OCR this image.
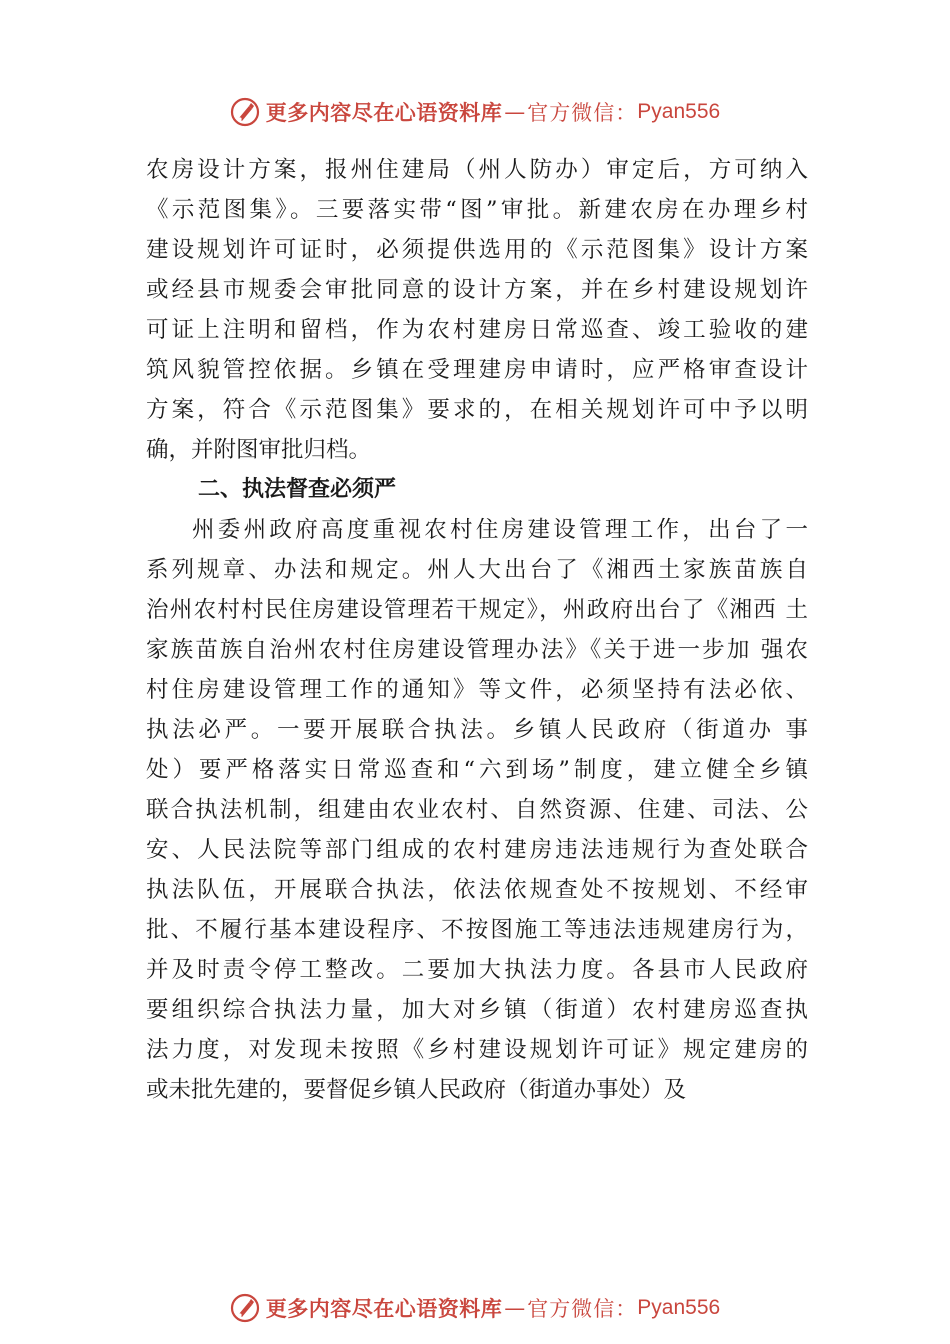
更多内容尽在心语资料库 — 官方微信： Pyan556
农房设计方案，报州住建局（州人防办）审定后，方可纳入
《示范图集》。三要落实带“图”审批。新建农房在办理乡村
建设规划许可证时，必须提供选用的《示范图集》设计方案
或经县市规委会审批同意的设计方案，并在乡村建设规划许
可证上注明和留档，作为农村建房日常巡查、竣工验收的建
筑风貌管控依据。乡镇在受理建房申请时，应严格审查设计
方案，符合《示范图集》要求的，在相关规划许可中予以明
确，并附图审批归档。
二、执法督查必须严
州委州政府高度重视农村住房建设管理工作，出台了一
系列规章、办法和规定。州人大出台了《湘西土家族苗族自
治州农村村民住房建设管理若干规定》，州政府出台了《湘西 土
家族苗族自治州农村住房建设管理办法》《关于进一步加 强农
村住房建设管理工作的通知》等文件，必须坚持有法必依、
执法必严。一要开展联合执法。乡镇人民政府（街道办 事
处）要严格落实日常巡查和“六到场”制度，建立健全乡镇
联合执法机制，组建由农业农村、自然资源、住建、司法、公
安、人民法院等部门组成的农村建房违法违规行为查处联合
执法队伍，开展联合执法，依法依规查处不按规划、不经审
批、不履行基本建设程序、不按图施工等违法违规建房行为，
并及时责令停工整改。二要加大执法力度。各县市人民政府
要组织综合执法力量，加大对乡镇（街道）农村建房巡查执
法力度，对发现未按照《乡村建设规划许可证》规定建房的
或未批先建的，要督促乡镇人民政府（街道办事处）及
更多内容尽在心语资料库 — 官方微信： Pyan556
